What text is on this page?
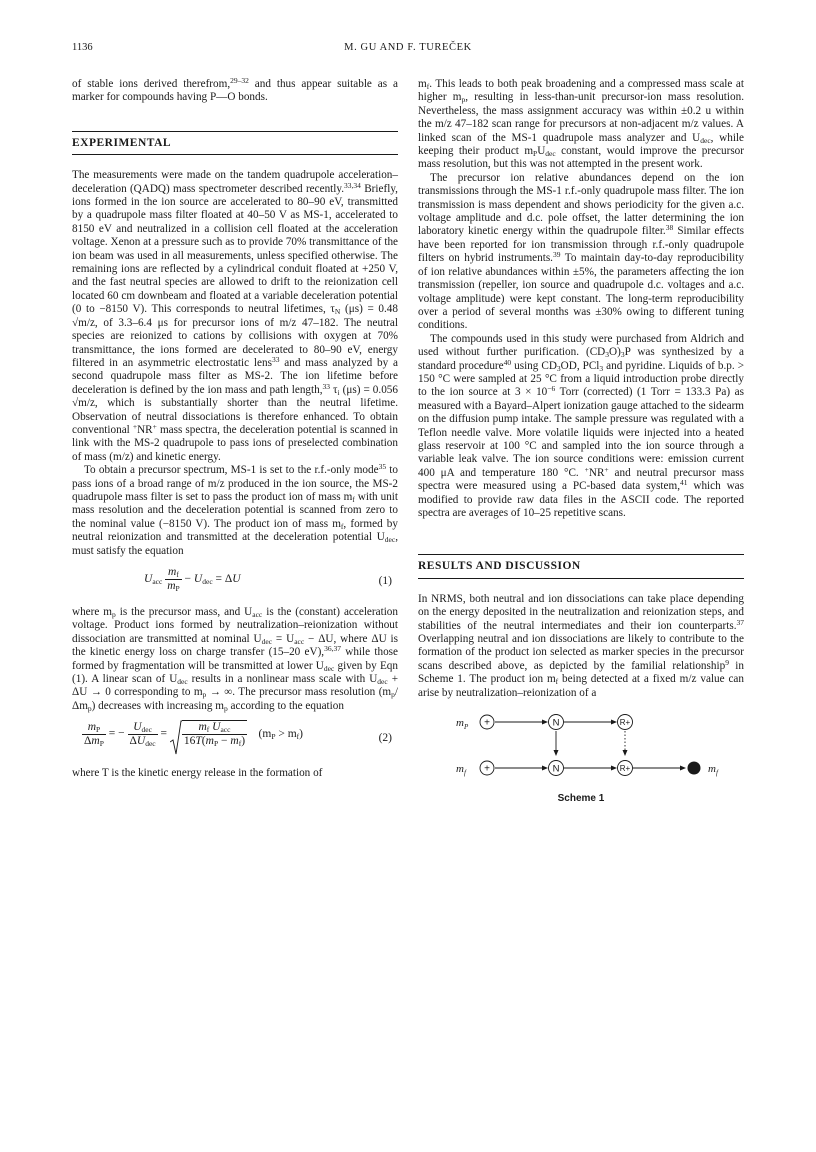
1136	M. GU AND F. TUREČEK

of stable ions derived therefrom,$^{29-32}$ and thus appear suitable as a marker for compounds having P—O bonds.

EXPERIMENTAL

The measurements were made on the tandem quadrupole acceleration–deceleration (QADQ) mass spectrometer described recently.$^{33,34}$ Briefly, ions formed in the ion source are accelerated to 80–90 eV, transmitted by a quadrupole mass filter floated at 40–50 V as MS-1, accelerated to 8150 eV and neutralized in a collision cell floated at the acceleration voltage. Xenon at a pressure such as to provide 70% transmittance of the ion beam was used in all measurements, unless specified otherwise. The remaining ions are reflected by a cylindrical conduit floated at +250 V, and the fast neutral species are allowed to drift to the reionization cell located 60 cm downbeam and floated at a variable deceleration potential (0 to −8150 V). This corresponds to neutral lifetimes, $\tau_N$ (μs) = 0.48 √m/z, of 3.3–6.4 μs for precursor ions of m/z 47–182. The neutral species are reionized to cations by collisions with oxygen at 70% transmittance, the ions formed are decelerated to 80–90 eV, energy filtered in an asymmetric electrostatic lens$^{33}$ and mass analyzed by a second quadrupole mass filter as MS-2. The ion lifetime before deceleration is defined by the ion mass and path length,$^{33}$ $\tau_i$ (μs) = 0.056 √m/z, which is substantially shorter than the neutral lifetime. Observation of neutral dissociations is therefore enhanced. To obtain conventional +NR+ mass spectra, the deceleration potential is scanned in link with the MS-2 quadrupole to pass ions of preselected combination of mass (m/z) and kinetic energy.

To obtain a precursor spectrum, MS-1 is set to the r.f.-only mode$^{35}$ to pass ions of a broad range of m/z produced in the ion source, the MS-2 quadrupole mass filter is set to pass the product ion of mass $m_f$ with unit mass resolution and the deceleration potential is scanned from zero to the nominal value (−8150 V). The product ion of mass $m_f$, formed by neutral reionization and transmitted at the deceleration potential $U_{dec}$, must satisfy the equation

$U_{acc} \frac{m_f}{m_P} - U_{dec} = \Delta U$	(1)

where $m_p$ is the precursor mass, and $U_{acc}$ is the (constant) acceleration voltage. Product ions formed by neutralization–reionization without dissociation are transmitted at nominal $U_{dec} = U_{acc} - \Delta U$, where ΔU is the kinetic energy loss on charge transfer (15–20 eV),$^{36,37}$ while those formed by fragmentation will be transmitted at lower $U_{dec}$ given by Eqn (1). A linear scan of $U_{dec}$ results in a nonlinear mass scale with $U_{dec} + \Delta U \to 0$ corresponding to $m_p$ → ∞. The precursor mass resolution $(m_p/\Delta m_p)$ decreases with increasing $m_p$ according to the equation

$\frac{m_P}{\Delta m_P}$ = − $\frac{U_{dec}}{\Delta U_{dec}} = \frac{m_f U_{acc}}{16T(m_P - m_f)} (m_P > m_f)$	(2)

where T is the kinetic energy release in the formation of

$m_f$. This leads to both peak broadening and a compressed mass scale at higher $m_p$, resulting in less-than-unit precursor-ion mass resolution. Nevertheless, the mass assignment accuracy was within ±0.2 u within the m/z 47–182 scan range for precursors at non-adjacent m/z values. A linked scan of the MS-1 quadrupole mass analyzer and $U_{dec}$, while keeping their product $m_PU_{dec}$ constant, would improve the precursor mass resolution, but this was not attempted in the present work.

The precursor ion relative abundances depend on the ion transmissions through the MS-1 r.f.-only quadrupole mass filter. The ion transmission is mass dependent and shows periodicity for the given a.c. voltage amplitude and d.c. pole offset, the latter determining the ion laboratory kinetic energy within the quadrupole filter.$^{38}$ Similar effects have been reported for ion transmission through r.f.-only quadrupole filters on hybrid instruments.$^{39}$ To maintain day-to-day reproducibility of ion relative abundances within ±5%, the parameters affecting the ion transmission (repeller, ion source and quadrupole d.c. voltages and a.c. voltage amplitude) were kept constant. The long-term reproducibility over a period of several months was ±30% owing to different tuning conditions.

The compounds used in this study were purchased from Aldrich and used without further purification. $(CD_3O)_3P$ was synthesized by a standard procedure$^{40}$ using $CD_3OD$, PCl$_3$ and pyridine. Liquids of b.p. > 150 °C were sampled at 25 °C from a liquid introduction probe directly to the ion source at $3 \times 10^{-6}$ Torr (corrected) (1 Torr = 133.3 Pa) as measured with a Bayard–Alpert ionization gauge attached to the sidearm on the diffusion pump intake. The sample pressure was regulated with a Teflon needle valve. More volatile liquids were injected into a heated glass reservoir at 100 °C and sampled into the ion source through a variable leak valve. The ion source conditions were: emission current 400 μA and temperature 180 °C. +NR+ and neutral precursor mass spectra were measured using a PC-based data system,$^{41}$ which was modified to provide raw data files in the ASCII code. The reported spectra are averages of 10–25 repetitive scans.

RESULTS AND DISCUSSION

In NRMS, both neutral and ion dissociations can take place depending on the energy deposited in the neutralization and reionization steps, and stabilities of the neutral intermediates and their ion counterparts.$^{37}$ Overlapping neutral and ion dissociations are likely to contribute to the formation of the product ion selected as marker species in the precursor scans described above, as depicted by the familial relationship$^9$ in Scheme 1. The product ion $m_f$ being detected at a fixed m/z value can arise by neutralization–reionization of a

$m_P$ +	N	R+
$m_f$ +	N	R+	$m_f$
Scheme 1
